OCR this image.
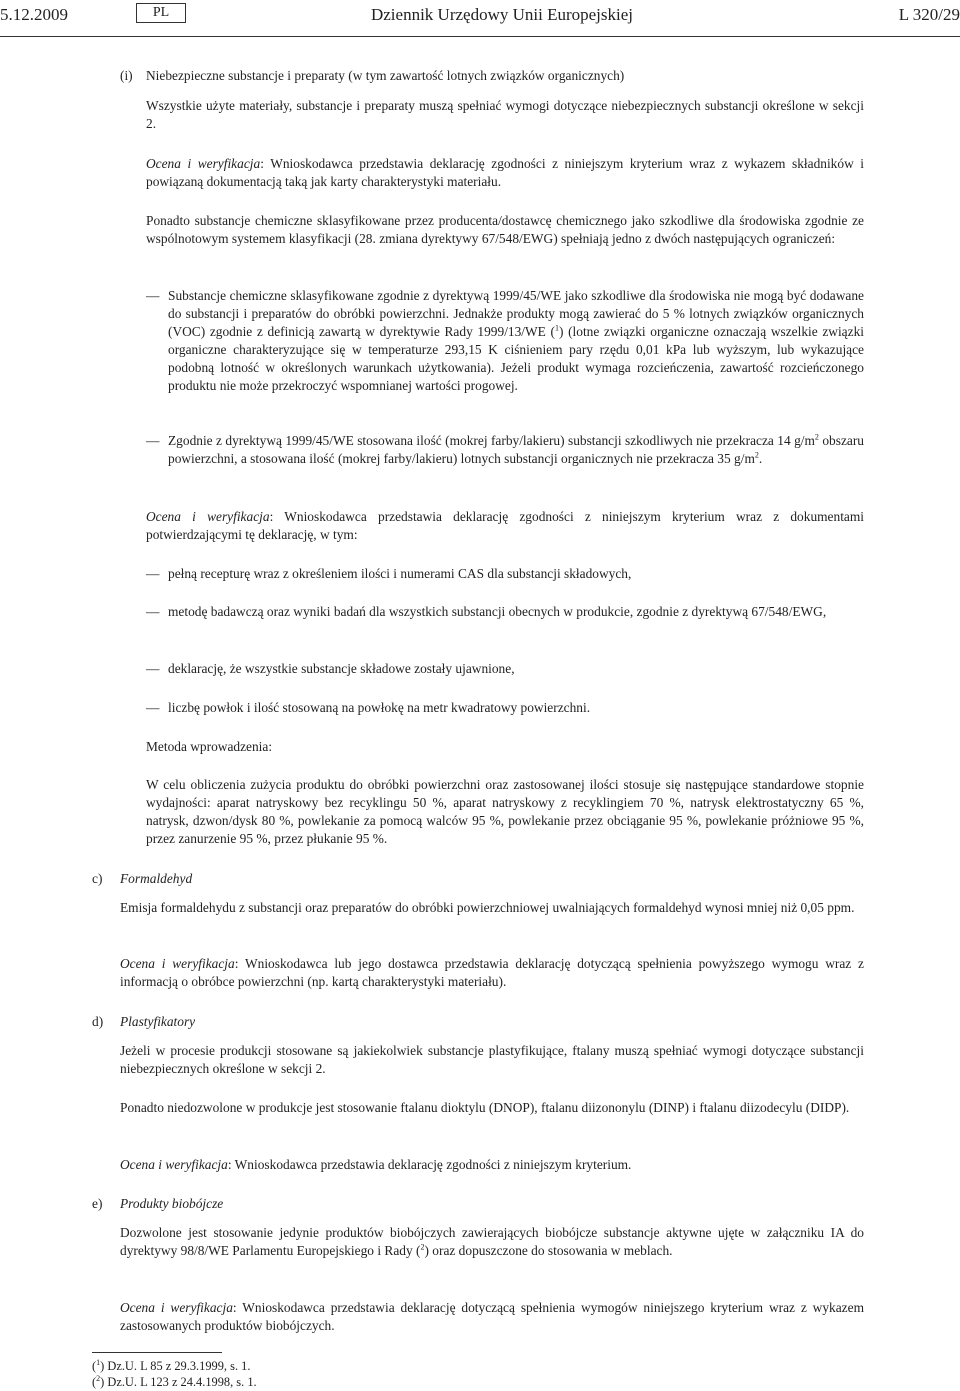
5.12.2009	PL	Dziennik Urzędowy Unii Europejskiej	L 320/29
(i) Niebezpieczne substancje i preparaty (w tym zawartość lotnych związków organicznych)

Wszystkie użyte materiały, substancje i preparaty muszą spełniać wymogi dotyczące niebezpiecznych substancji określone w sekcji 2.

Ocena i weryfikacja: Wnioskodawca przedstawia deklarację zgodności z niniejszym kryterium wraz z wykazem składników i powiązaną dokumentacją taką jak karty charakterystyki materiału.

Ponadto substancje chemiczne sklasyfikowane przez producenta/dostawcę chemicznego jako szkodliwe dla środowiska zgodnie ze wspólnotowym systemem klasyfikacji (28. zmiana dyrektywy 67/548/EWG) spełniają jedno z dwóch następujących ograniczeń:

— Substancje chemiczne sklasyfikowane zgodnie z dyrektywą 1999/45/WE jako szkodliwe dla środowiska nie mogą być dodawane do substancji i preparatów do obróbki powierzchni. Jednakże produkty mogą zawierać do 5 % lotnych związków organicznych (VOC) zgodnie z definicją zawartą w dyrektywie Rady 1999/13/WE ($^1$) (lotne związki organiczne oznaczają wszelkie związki organiczne charakteryzujące się w temperaturze 293,15 K ciśnieniem pary rzędu 0,01 kPa lub wyższym, lub wykazujące podobną lotność w określonych warunkach użytkowania). Jeżeli produkt wymaga rozcieńczenia, zawartość rozcieńczonego produktu nie może przekroczyć wspomnianej wartości progowej.

— Zgodnie z dyrektywą 1999/45/WE stosowana ilość (mokrej farby/lakieru) substancji szkodliwych nie przekracza 14 $g/m^2$ obszaru powierzchni, a stosowana ilość (mokrej farby/lakieru) lotnych substancji organicznych nie przekracza 35 $g/m^2$.

Ocena i weryfikacja: Wnioskodawca przedstawia deklarację zgodności z niniejszym kryterium wraz z dokumentami potwierdzającymi tę deklarację, w tym:

— pełną recepturę wraz z określeniem ilości i numerami CAS dla substancji składowych,

— metodę badawczą oraz wyniki badań dla wszystkich substancji obecnych w produkcie, zgodnie z dyrektywą 67/548/EWG,

— deklarację, że wszystkie substancje składowe zostały ujawnione,

— liczbę powłok i ilość stosowaną na powłokę na metr kwadratowy powierzchni.

Metoda wprowadzenia:

W celu obliczenia zużycia produktu do obróbki powierzchni oraz zastosowanej ilości stosuje się następujące standardowe stopnie wydajności: aparat natryskowy bez recyklingu 50 %, aparat natryskowy z recyklingiem 70 %, natrysk elektrostatyczny 65 %, natrysk, dzwon/dysk 80 %, powlekanie za pomocą walców 95 %, powlekanie przez obciąganie 95 %, powlekanie próżniowe 95 %, przez zanurzenie 95 %, przez płukanie 95 %.

c) Formaldehyd

Emisja formaldehydu z substancji oraz preparatów do obróbki powierzchniowej uwalniających formaldehyd wynosi mniej niż 0,05 ppm.

Ocena i weryfikacja: Wnioskodawca lub jego dostawca przedstawia deklarację dotyczącą spełnienia powyższego wymogu wraz z informacją o obróbce powierzchni (np. kartą charakterystyki materiału).

d) Plastyfikatory

Jeżeli w procesie produkcji stosowane są jakiekolwiek substancje plastyfikujące, ftalany muszą spełniać wymogi dotyczące substancji niebezpiecznych określone w sekcji 2.

Ponadto niedozwolone w produkcje jest stosowanie ftalanu dioktylu (DNOP), ftalanu diizononylu (DINP) i ftalanu diizodecylu (DIDP).

Ocena i weryfikacja: Wnioskodawca przedstawia deklarację zgodności z niniejszym kryterium.

e) Produkty biobójcze

Dozwolone jest stosowanie jedynie produktów biobójczych zawierających biobójcze substancje aktywne ujęte w załączniku IA do dyrektywy 98/8/WE Parlamentu Europejskiego i Rady ($^2$) oraz dopuszczone do stosowania w meblach.

Ocena i weryfikacja: Wnioskodawca przedstawia deklarację dotyczącą spełnienia wymogów niniejszego kryterium wraz z wykazem zastosowanych produktów biobójczych.

($^1$) Dz.U. L 85 z 29.3.1999, s. 1.
($^2$) Dz.U. L 123 z 24.4.1998, s. 1.
